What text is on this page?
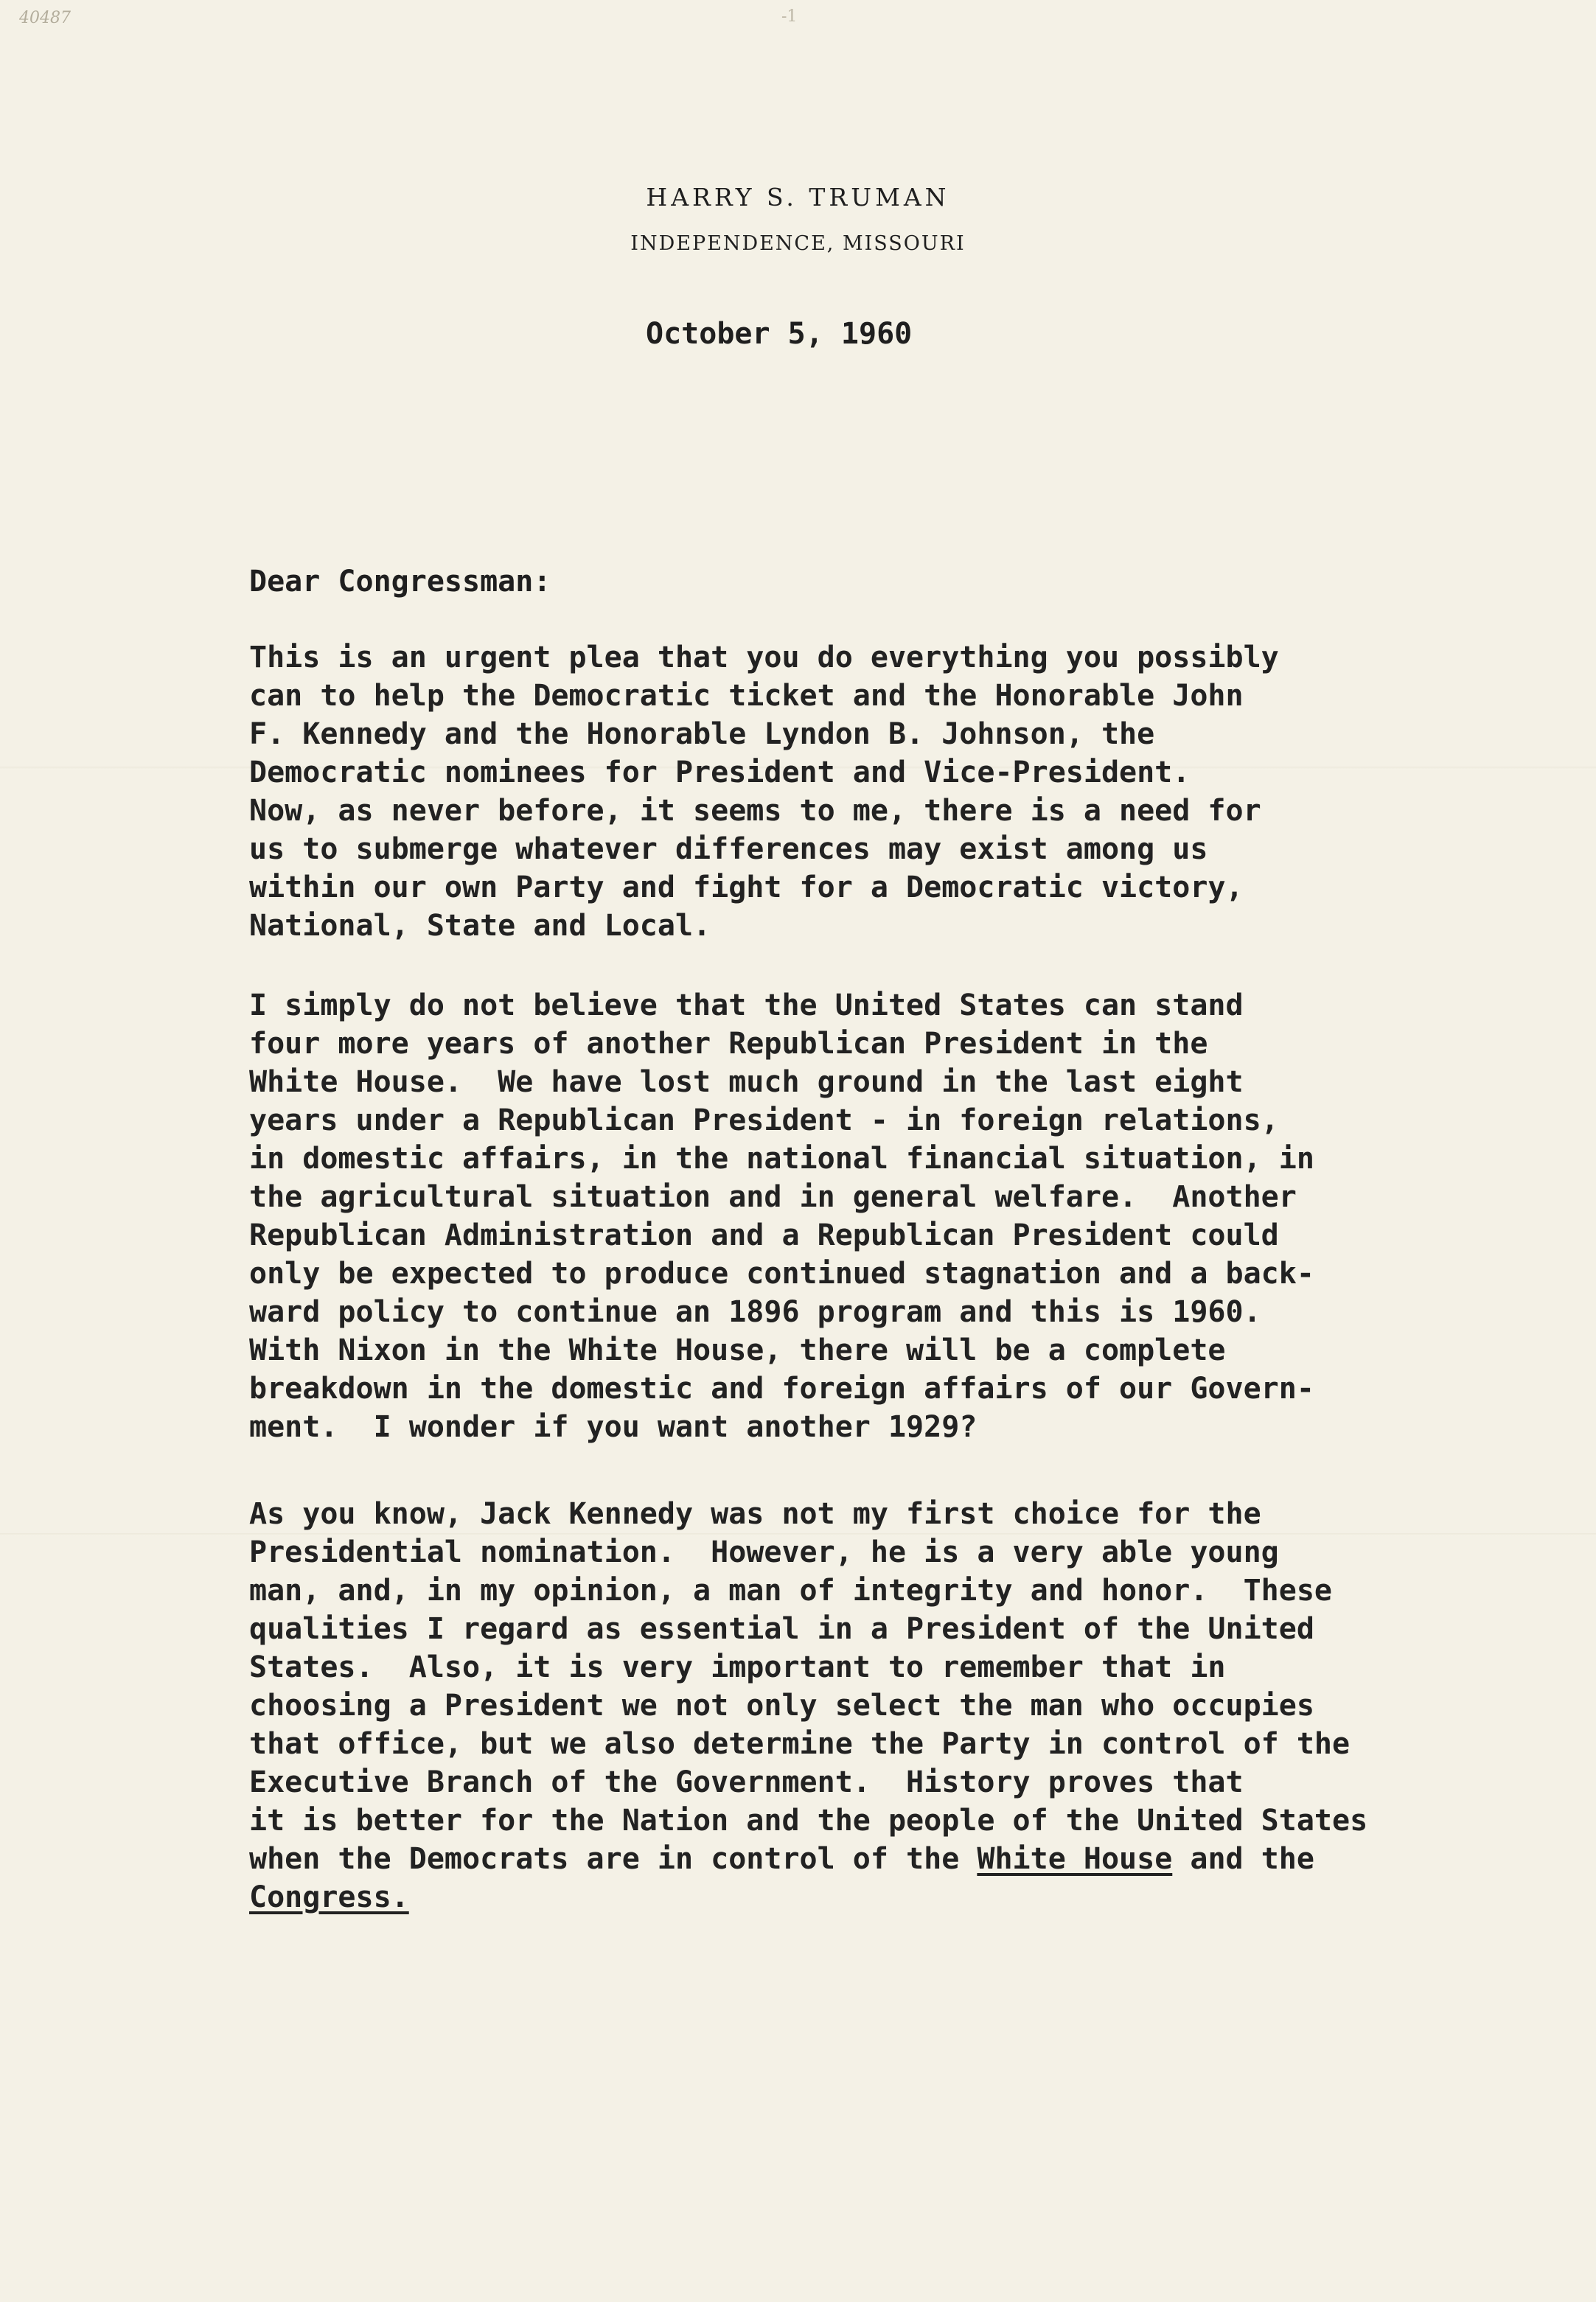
40487	-1
HARRY S. TRUMAN
INDEPENDENCE, MISSOURI
October 5, 1960
Dear Congressman:
This is an urgent plea that you do everything you possibly
can to help the Democratic ticket and the Honorable John
F. Kennedy and the Honorable Lyndon B. Johnson, the
Democratic nominees for President and Vice-President.
Now, as never before, it seems to me, there is a need for
us to submerge whatever differences may exist among us
within our own Party and fight for a Democratic victory,
National, State and Local.
I simply do not believe that the United States can stand
four more years of another Republican President in the
White House.  We have lost much ground in the last eight
years under a Republican President - in foreign relations,
in domestic affairs, in the national financial situation, in
the agricultural situation and in general welfare.  Another
Republican Administration and a Republican President could
only be expected to produce continued stagnation and a back-
ward policy to continue an 1896 program and this is 1960.
With Nixon in the White House, there will be a complete
breakdown in the domestic and foreign affairs of our Govern-
ment.  I wonder if you want another 1929?
As you know, Jack Kennedy was not my first choice for the
Presidential nomination.  However, he is a very able young
man, and, in my opinion, a man of integrity and honor.  These
qualities I regard as essential in a President of the United
States.  Also, it is very important to remember that in
choosing a President we not only select the man who occupies
that office, but we also determine the Party in control of the
Executive Branch of the Government.  History proves that
it is better for the Nation and the people of the United States
when the Democrats are in control of the White House and the
Congress.
